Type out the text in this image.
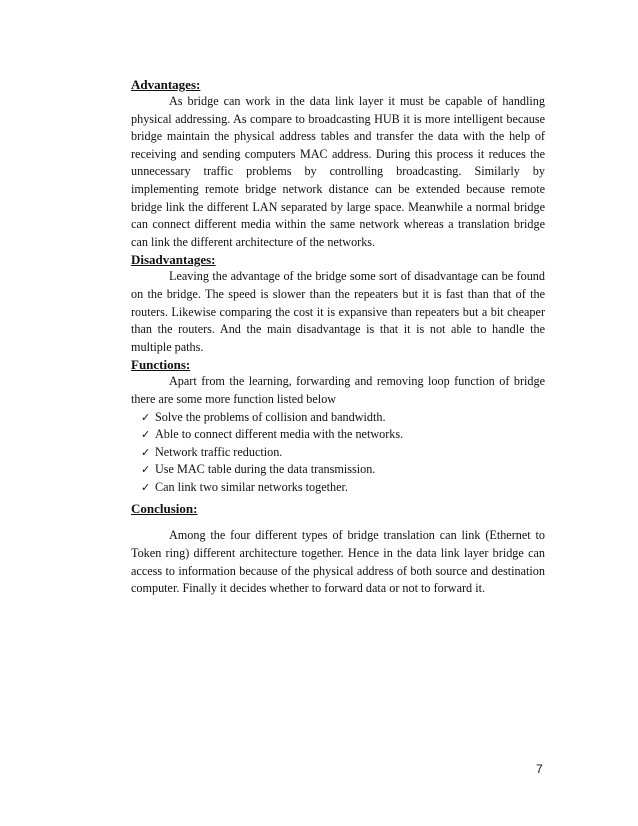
Advantages:

As bridge can work in the data link layer it must be capable of handling physical addressing. As compare to broadcasting HUB it is more intelligent because bridge maintain the physical address tables and transfer the data with the help of receiving and sending computers MAC address. During this process it reduces the unnecessary traffic problems by controlling broadcasting. Similarly by implementing remote bridge network distance can be extended because remote bridge link the different LAN separated by large space. Meanwhile a normal bridge can connect different media within the same network whereas a translation bridge can link the different architecture of the networks.

Disadvantages:

Leaving the advantage of the bridge some sort of disadvantage can be found on the bridge. The speed is slower than the repeaters but it is fast than that of the routers. Likewise comparing the cost it is expansive than repeaters but a bit cheaper than the routers. And the main disadvantage is that it is not able to handle the multiple paths.

Functions:

Apart from the learning, forwarding and removing loop function of bridge there are some more function listed below

✓ Solve the problems of collision and bandwidth.
✓ Able to connect different media with the networks.
✓ Network traffic reduction.
✓ Use MAC table during the data transmission.
✓ Can link two similar networks together.

Conclusion:

Among the four different types of bridge translation can link (Ethernet to Token ring) different architecture together. Hence in the data link layer bridge can access to information because of the physical address of both source and destination computer. Finally it decides whether to forward data or not to forward it.

7
